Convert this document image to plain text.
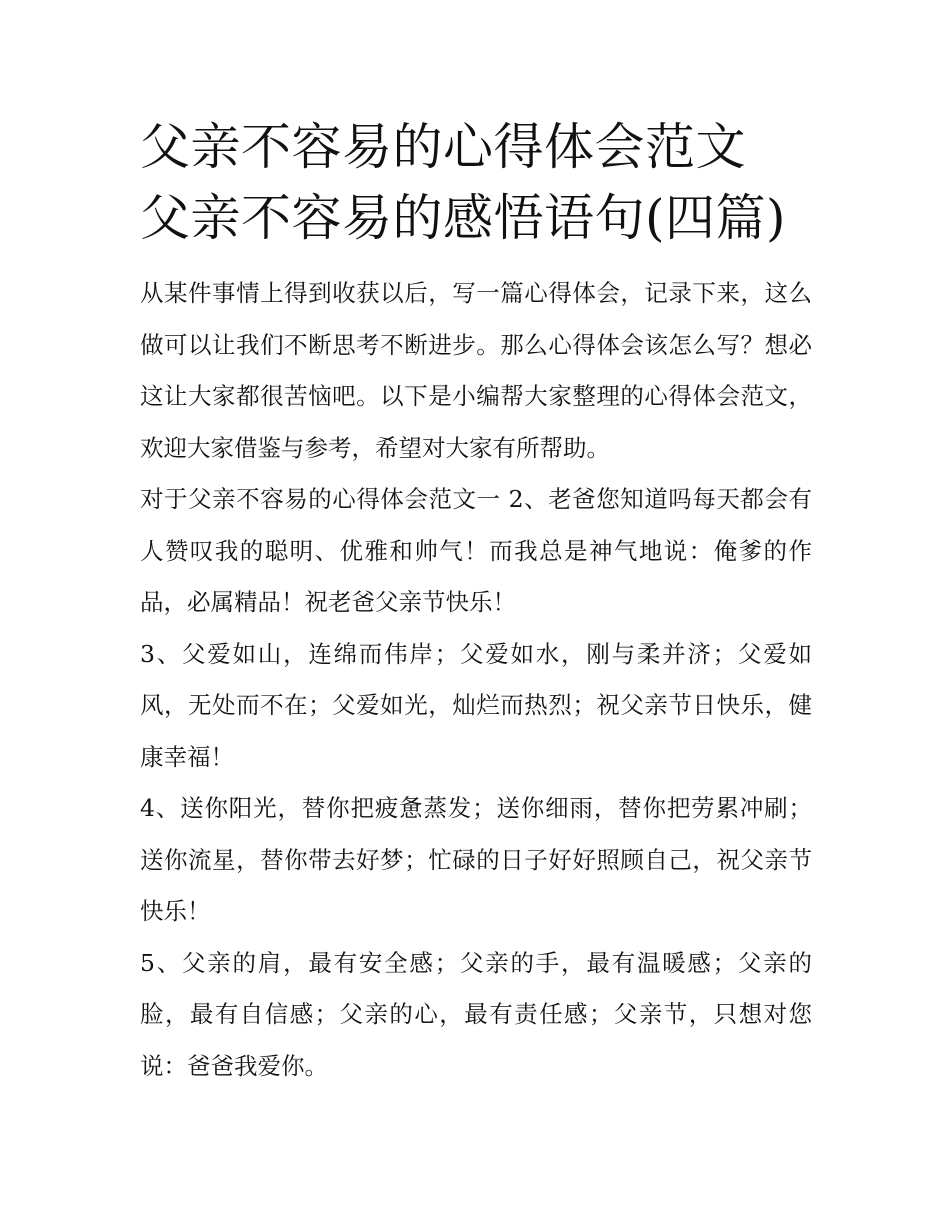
父亲不容易的心得体会范文 父亲不容易的感悟语句(四篇)

从某件事情上得到收获以后，写一篇心得体会，记录下来，这么做可以让我们不断思考不断进步。那么心得体会该怎么写？想必这让大家都很苦恼吧。以下是小编帮大家整理的心得体会范文，欢迎大家借鉴与参考，希望对大家有所帮助。

对于父亲不容易的心得体会范文一 2、老爸您知道吗每天都会有人赞叹我的聪明、优雅和帅气！而我总是神气地说：俺爹的作品，必属精品！祝老爸父亲节快乐！

3、父爱如山，连绵而伟岸；父爱如水，刚与柔并济；父爱如风，无处而不在；父爱如光，灿烂而热烈；祝父亲节日快乐，健康幸福！

4、送你阳光，替你把疲惫蒸发；送你细雨，替你把劳累冲刷；送你流星，替你带去好梦；忙碌的日子好好照顾自己，祝父亲节快乐！

5、父亲的肩，最有安全感；父亲的手，最有温暖感；父亲的脸，最有自信感；父亲的心，最有责任感；父亲节，只想对您说：爸爸我爱你。
